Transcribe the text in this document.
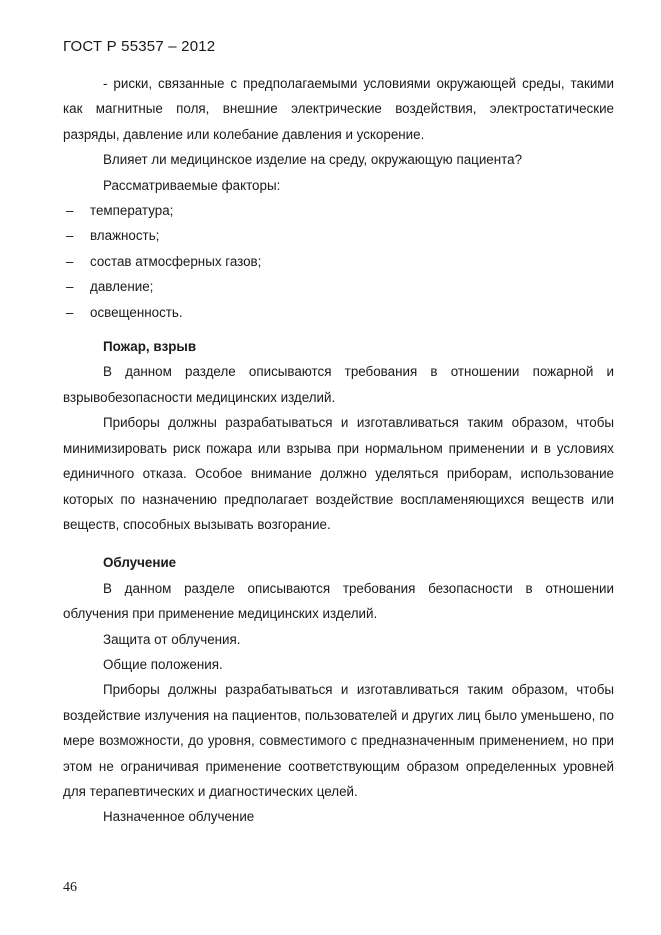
ГОСТ Р 55357 – 2012

- риски, связанные с предполагаемыми условиями окружающей среды, такими как магнитные поля, внешние электрические воздействия, электростатические разряды, давление или колебание давления и ускорение.

Влияет ли медицинское изделие на среду, окружающую пациента?

Рассматриваемые факторы:

–	температура;
–	влажность;
–	состав атмосферных газов;
–	давление;
–	освещенность.

Пожар, взрыв

В данном разделе описываются требования в отношении пожарной и взрывобезопасности медицинских изделий.

Приборы должны разрабатываться и изготавливаться таким образом, чтобы минимизировать риск пожара или взрыва при нормальном применении и в условиях единичного отказа. Особое внимание должно уделяться приборам, использование которых по назначению предполагает воздействие воспламеняющихся веществ или веществ, способных вызывать возгорание.

Облучение

В данном разделе описываются требования безопасности в отношении облучения при применение медицинских изделий.

Защита от облучения.

Общие положения.

Приборы должны разрабатываться и изготавливаться таким образом, чтобы воздействие излучения на пациентов, пользователей и других лиц было уменьшено, по мере возможности, до уровня, совместимого с предназначенным применением, но при этом не ограничивая применение соответствующим образом определенных уровней для терапевтических и диагностических целей.

Назначенное облучение

46
